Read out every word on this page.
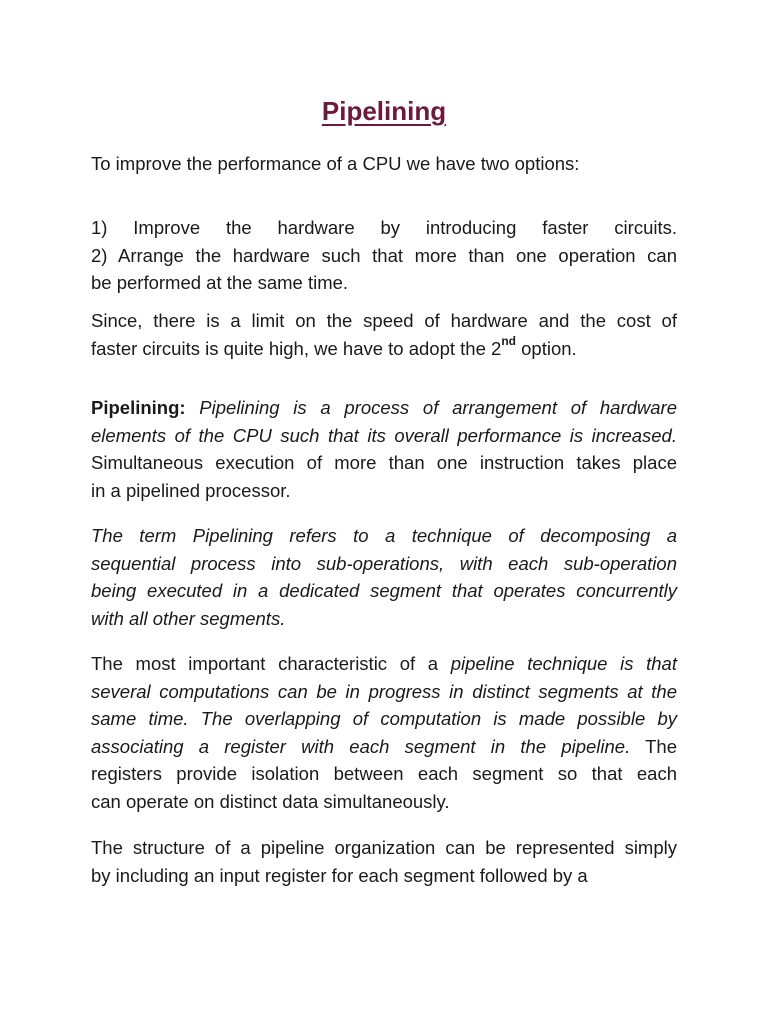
Pipelining

To improve the performance of a CPU we have two options:

1) Improve the hardware by introducing faster circuits.
2) Arrange the hardware such that more than one operation can
be performed at the same time.

Since, there is a limit on the speed of hardware and the cost of
faster circuits is quite high, we have to adopt the 2nd option.

Pipelining: Pipelining is a process of arrangement of hardware
elements of the CPU such that its overall performance is increased.
Simultaneous execution of more than one instruction takes place
in a pipelined processor.

The term Pipelining refers to a technique of decomposing a
sequential process into sub-operations, with each sub-operation
being executed in a dedicated segment that operates concurrently
with all other segments.

The most important characteristic of a pipeline technique is that
several computations can be in progress in distinct segments at the
same time. The overlapping of computation is made possible by
associating a register with each segment in the pipeline. The
registers provide isolation between each segment so that each
can operate on distinct data simultaneously.

The structure of a pipeline organization can be represented simply
by including an input register for each segment followed by a
